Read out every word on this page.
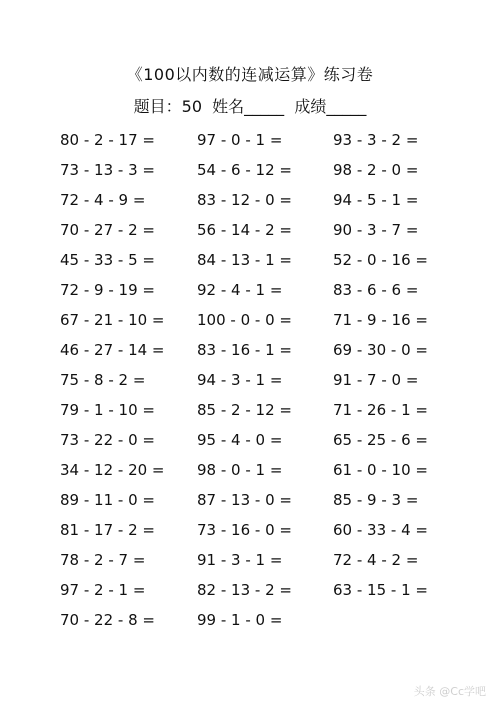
《100以内数的连减运算》练习卷
题目：50  姓名_____  成绩_____
80 - 2 - 17 =	97 - 0 - 1 =	93 - 3 - 2 =
73 - 13 - 3 =	54 - 6 - 12 =	98 - 2 - 0 =
72 - 4 - 9 =	83 - 12 - 0 =	94 - 5 - 1 =
70 - 27 - 2 =	56 - 14 - 2 =	90 - 3 - 7 =
45 - 33 - 5 =	84 - 13 - 1 =	52 - 0 - 16 =
72 - 9 - 19 =	92 - 4 - 1 =	83 - 6 - 6 =
67 - 21 - 10 = 100 - 0 - 0 =	71 - 9 - 16 =
46 - 27 - 14 = 83 - 16 - 1 =	69 - 30 - 0 =
75 - 8 - 2 =	94 - 3 - 1 =	91 - 7 - 0 =
79 - 1 - 10 =	85 - 2 - 12 =	71 - 26 - 1 =
73 - 22 - 0 =	95 - 4 - 0 =	65 - 25 - 6 =
34 - 12 - 20 = 98 - 0 - 1 =	61 - 0 - 10 =
89 - 11 - 0 =	87 - 13 - 0 =	85 - 9 - 3 =
81 - 17 - 2 =	73 - 16 - 0 =	60 - 33 - 4 =
78 - 2 - 7 =	91 - 3 - 1 =	72 - 4 - 2 =
97 - 2 - 1 =	82 - 13 - 2 =	63 - 15 - 1 =
70 - 22 - 8 =	99 - 1 - 0 =
头条 @Cc学吧
